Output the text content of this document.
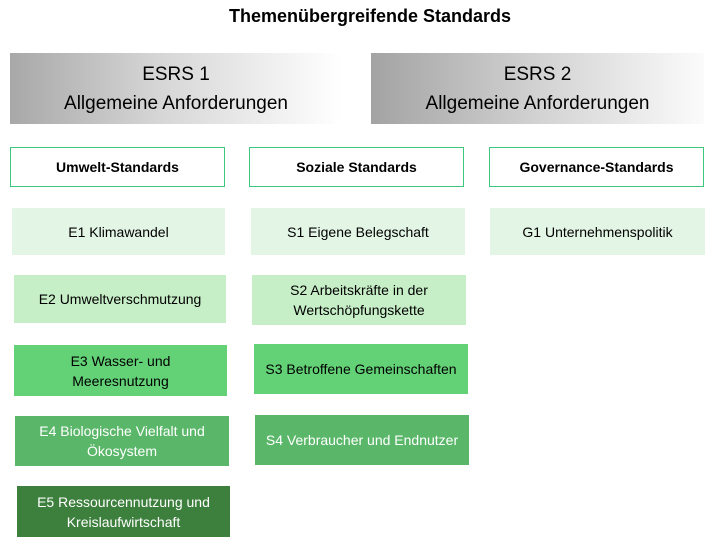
Themenübergreifende Standards
ESRS 1
Allgemeine Anforderungen
ESRS 2
Allgemeine Anforderungen
Umwelt-Standards	Soziale Standards	Governance-Standards
E1 Klimawandel
E2 Umweltverschmutzung
E3 Wasser- und
Meeresnutzung
E4 Biologische Vielfalt und
Ökosystem
E5 Ressourcennutzung und
Kreislaufwirtschaft
S1 Eigene Belegschaft
S2 Arbeitskräfte in der
Wertschöpfungskette
S3 Betroffene Gemeinschaften
S4 Verbraucher und Endnutzer
G1 Unternehmenspolitik
